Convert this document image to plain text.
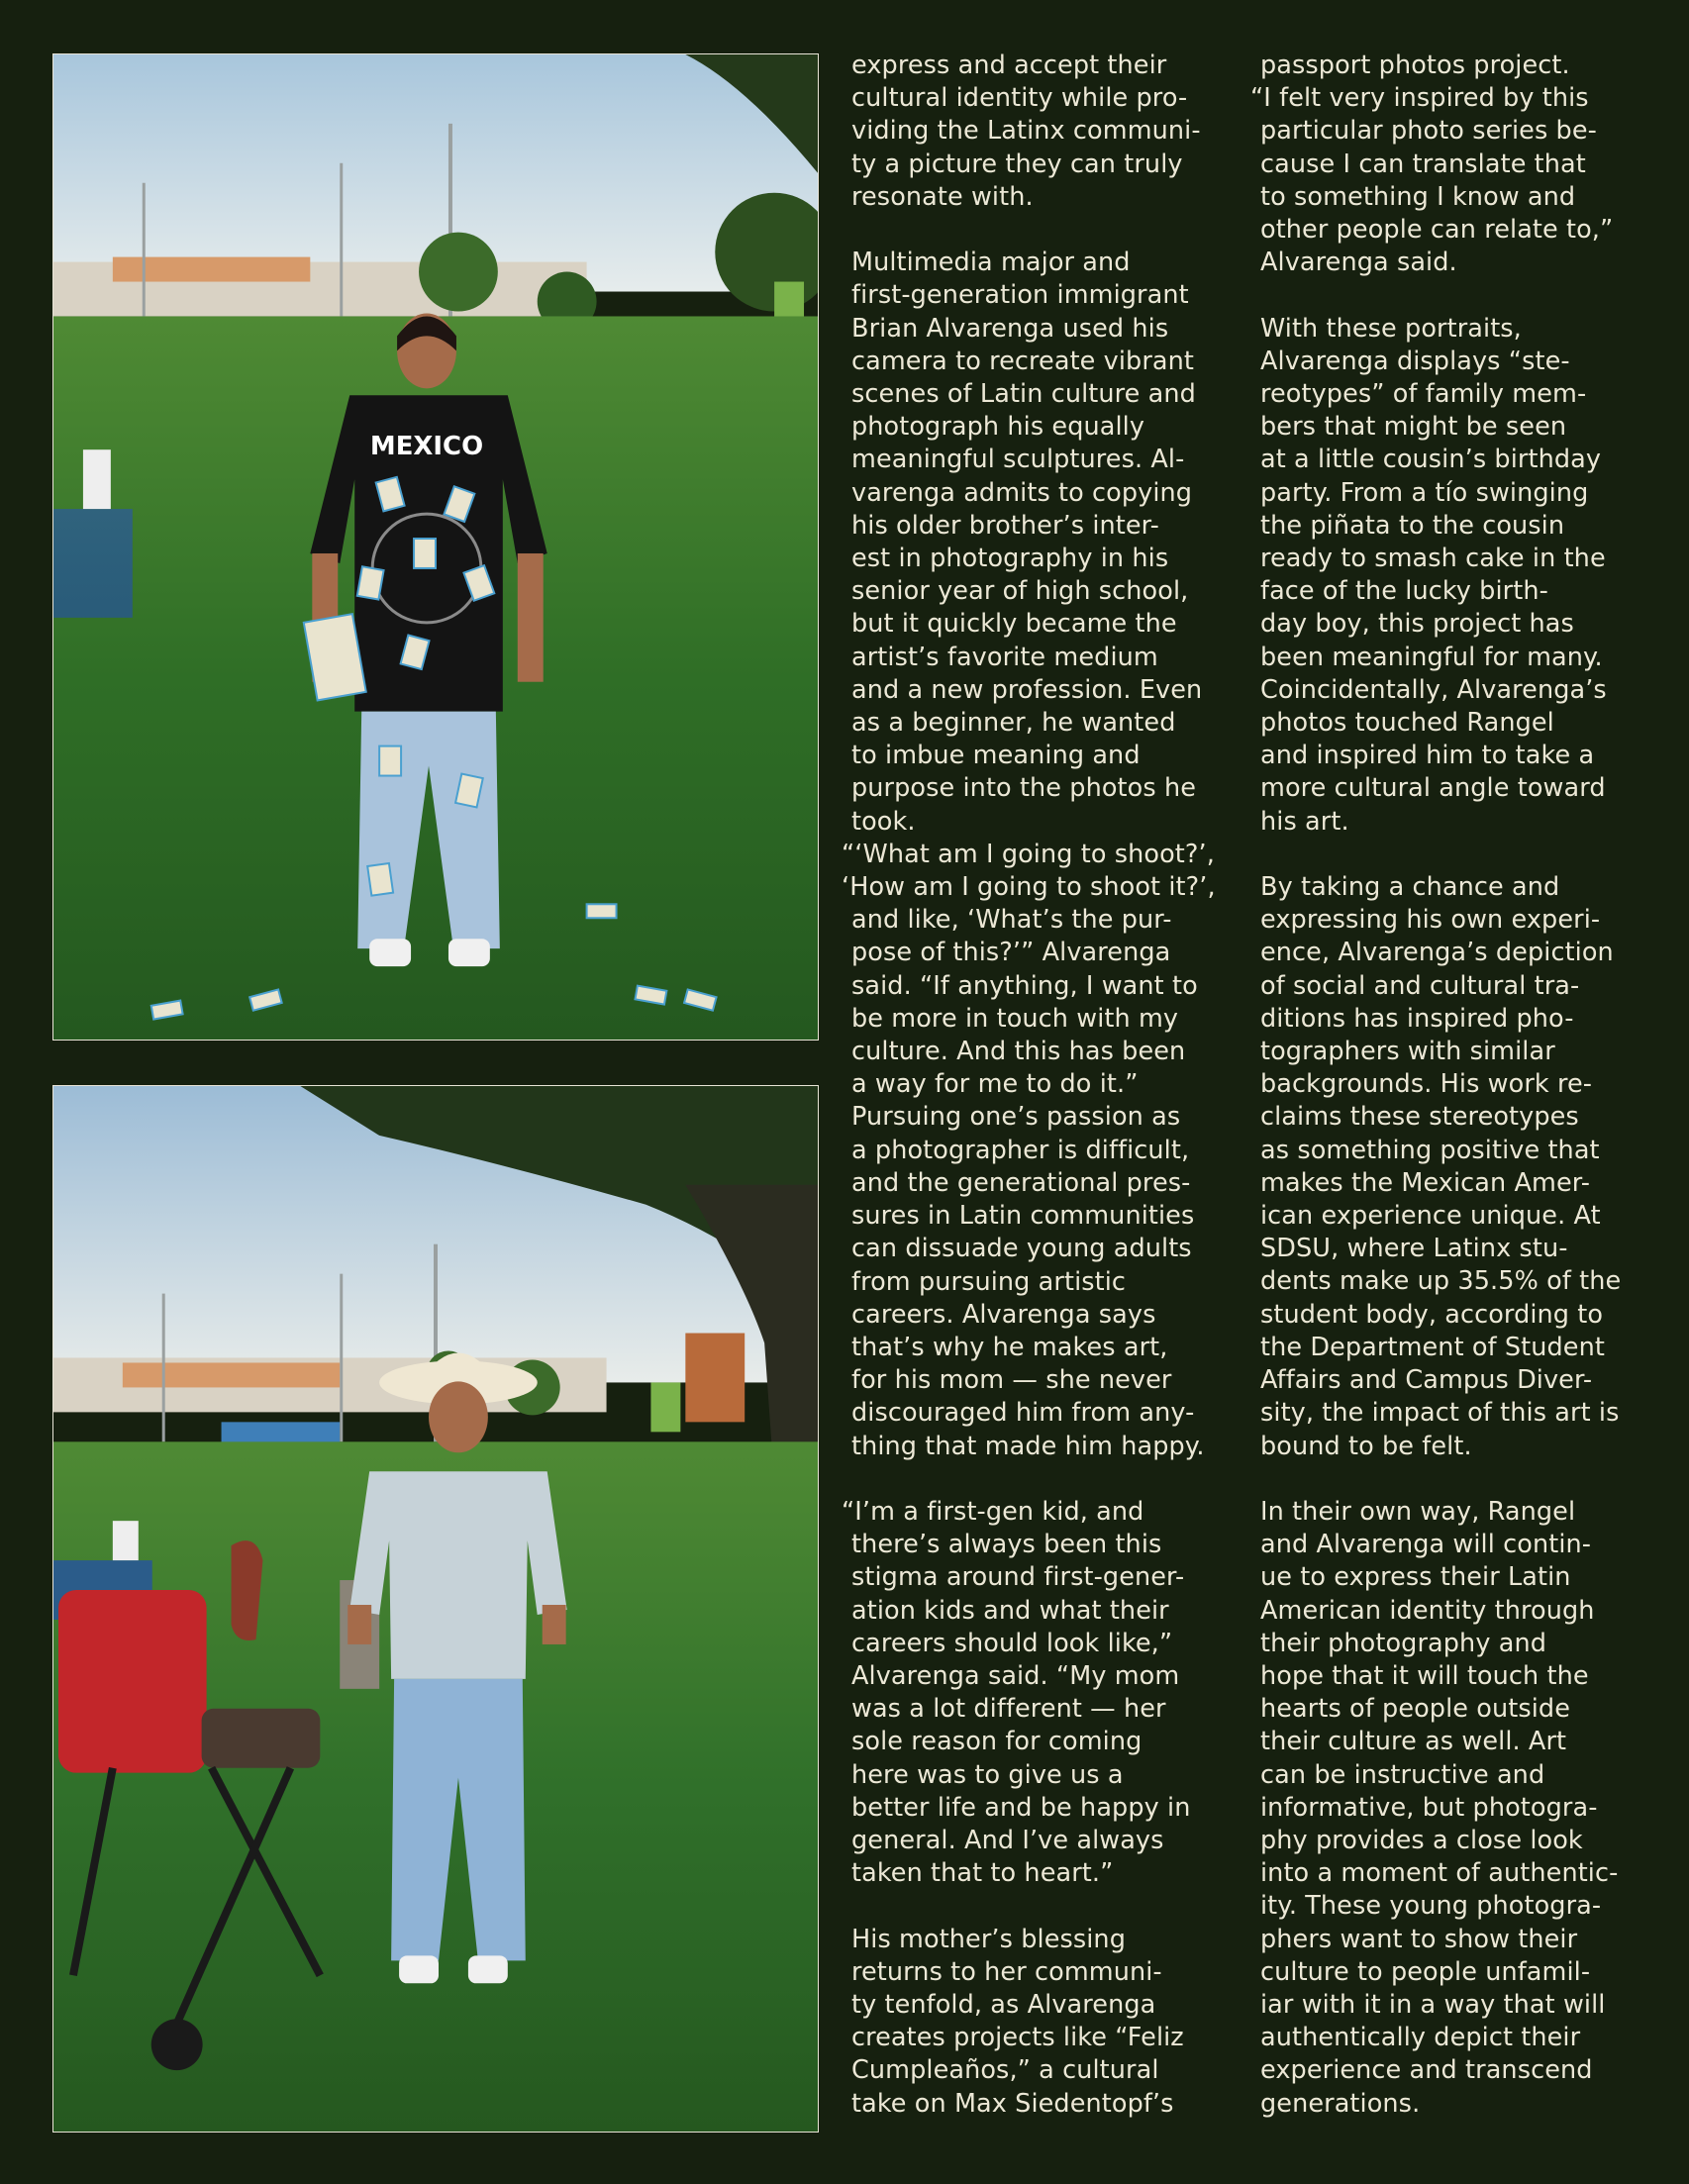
MEXICO

express and accept their
cultural identity while pro-
viding the Latinx communi-
ty a picture they can truly
resonate with.

Multimedia major and
first-generation immigrant
Brian Alvarenga used his
camera to recreate vibrant
scenes of Latin culture and
photograph his equally
meaningful sculptures. Al-
varenga admits to copying
his older brother’s inter-
est in photography in his
senior year of high school,
but it quickly became the
artist’s favorite medium
and a new profession. Even
as a beginner, he wanted
to imbue meaning and
purpose into the photos he
took.

“‘What am I going to shoot?’,
‘How am I going to shoot it?’,
and like, ‘What’s the pur-
pose of this?’” Alvarenga
said. “If anything, I want to
be more in touch with my
culture. And this has been
a way for me to do it.”

Pursuing one’s passion as
a photographer is difficult,
and the generational pres-
sures in Latin communities
can dissuade young adults
from pursuing artistic
careers. Alvarenga says
that’s why he makes art,
for his mom — she never
discouraged him from any-
thing that made him happy.

“I’m a first-gen kid, and
there’s always been this
stigma around first-gener-
ation kids and what their
careers should look like,”
Alvarenga said. “My mom
was a lot different — her
sole reason for coming
here was to give us a
better life and be happy in
general. And I’ve always
taken that to heart.”

His mother’s blessing
returns to her communi-
ty tenfold, as Alvarenga
creates projects like “Feliz
Cumpleaños,” a cultural
take on Max Siedentopf’s

passport photos project.
“I felt very inspired by this
particular photo series be-
cause I can translate that
to something I know and
other people can relate to,”
Alvarenga said.

With these portraits,
Alvarenga displays “ste-
reotypes” of family mem-
bers that might be seen
at a little cousin’s birthday
party. From a tío swinging
the piñata to the cousin
ready to smash cake in the
face of the lucky birth-
day boy, this project has
been meaningful for many.
Coincidentally, Alvarenga’s
photos touched Rangel
and inspired him to take a
more cultural angle toward
his art.

By taking a chance and
expressing his own experi-
ence, Alvarenga’s depiction
of social and cultural tra-
ditions has inspired pho-
tographers with similar
backgrounds. His work re-
claims these stereotypes
as something positive that
makes the Mexican Amer-
ican experience unique. At
SDSU, where Latinx stu-
dents make up 35.5% of the
student body, according to
the Department of Student
Affairs and Campus Diver-
sity, the impact of this art is
bound to be felt.

In their own way, Rangel
and Alvarenga will contin-
ue to express their Latin
American identity through
their photography and
hope that it will touch the
hearts of people outside
their culture as well. Art
can be instructive and
informative, but photogra-
phy provides a close look
into a moment of authentic-
ity. These young photogra-
phers want to show their
culture to people unfamil-
iar with it in a way that will
authentically depict their
experience and transcend
generations.
